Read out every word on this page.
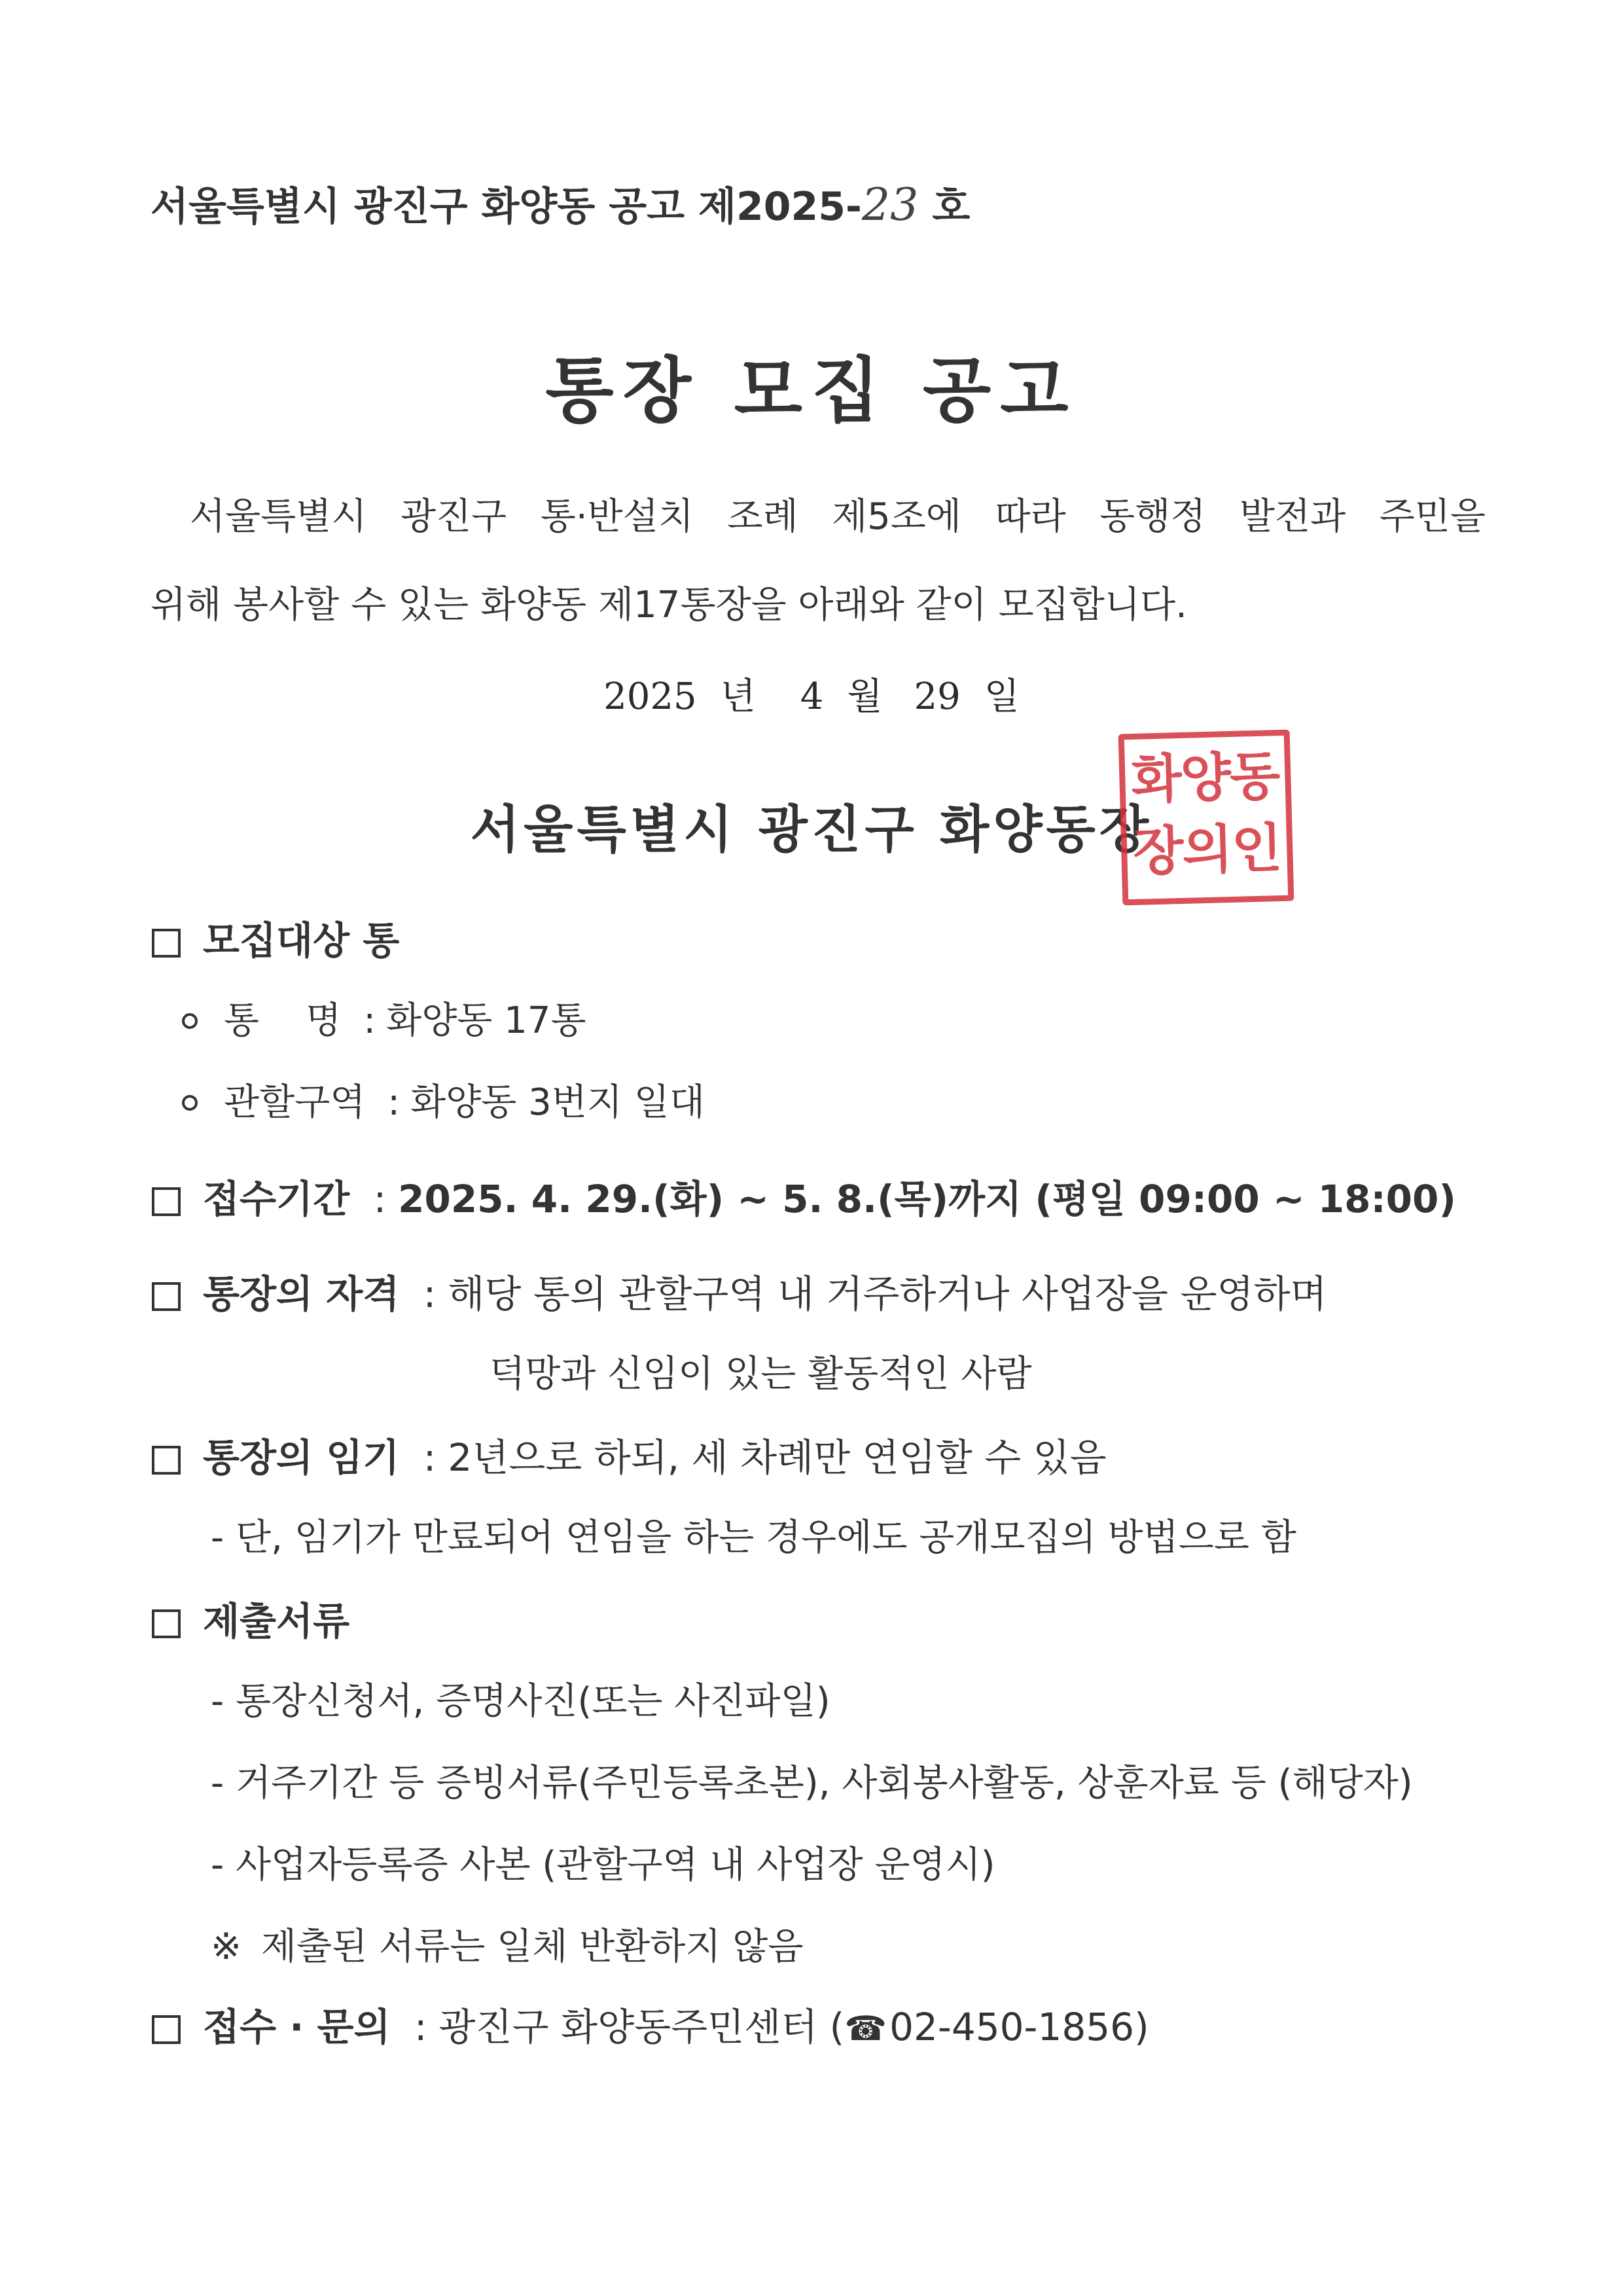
서울특별시 광진구 화양동 공고 제2025-23 호
통장 모집 공고
서울특별시 광진구 통·반설치 조례 제5조에 따라 동행정 발전과 주민을
위해 봉사할 수 있는 화양동 제17통장을 아래와 같이 모집합니다.
2025 년 4 월 29 일
서울특별시 광진구 화양동장
화양동
장의인
모집대상 통
통    명 : 화양동 17통
관할구역 : 화양동 3번지 일대
접수기간 : 2025. 4. 29.(화) ~ 5. 8.(목)까지 (평일 09:00 ~ 18:00)
통장의 자격 : 해당 통의 관할구역 내 거주하거나 사업장을 운영하며
덕망과 신임이 있는 활동적인 사람
통장의 임기 : 2년으로 하되, 세 차례만 연임할 수 있음
- 단, 임기가 만료되어 연임을 하는 경우에도 공개모집의 방법으로 함
제출서류
- 통장신청서, 증명사진(또는 사진파일)
- 거주기간 등 증빙서류(주민등록초본), 사회봉사활동, 상훈자료 등 (해당자)
- 사업자등록증 사본 (관할구역 내 사업장 운영시)
※ 제출된 서류는 일체 반환하지 않음
접수 · 문의 : 광진구 화양동주민센터 (☎02-450-1856)
